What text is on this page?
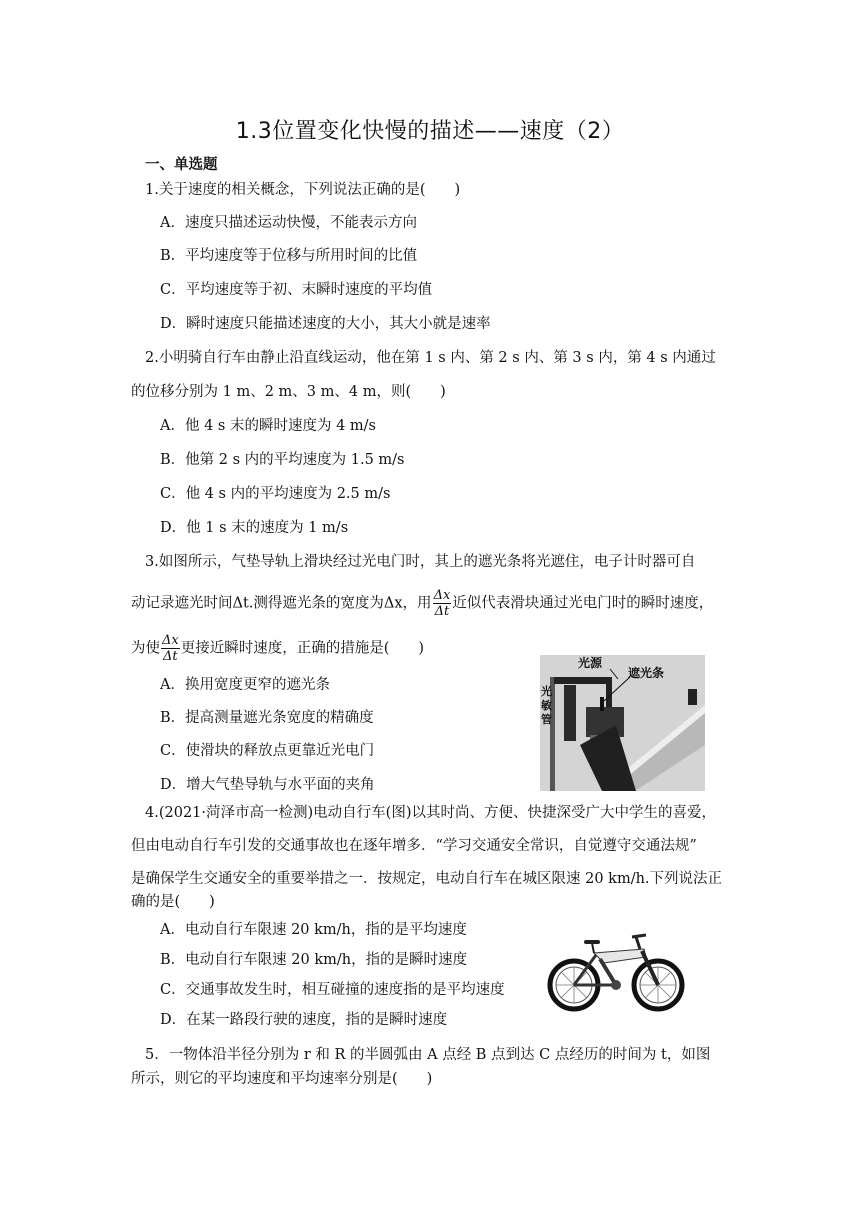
1.3位置变化快慢的描述——速度（2）
一、单选题
1.关于速度的相关概念，下列说法正确的是(　　)
A．速度只描述运动快慢，不能表示方向
B．平均速度等于位移与所用时间的比值
C．平均速度等于初、末瞬时速度的平均值
D．瞬时速度只能描述速度的大小，其大小就是速率
2.小明骑自行车由静止沿直线运动，他在第 1 s 内、第 2 s 内、第 3 s 内，第 4 s 内通过
的位移分别为 1 m、2 m、3 m、4 m，则(　　)
A．他 4 s 末的瞬时速度为 4 m/s
B．他第 2 s 内的平均速度为 1.5 m/s
C．他 4 s 内的平均速度为 2.5 m/s
D．他 1 s 末的速度为 1 m/s
3.如图所示，气垫导轨上滑块经过光电门时，其上的遮光条将光遮住，电子计时器可自
动记录遮光时间Δt.测得遮光条的宽度为Δx，用 $\frac{\Delta x}{\Delta t}$ 近似代表滑块通过光电门时的瞬时速度，
为使 $\frac{\Delta x}{\Delta t}$ 更接近瞬时速度，正确的措施是(　　)
A．换用宽度更窄的遮光条
B．提高测量遮光条宽度的精确度
C．使滑块的释放点更靠近光电门
D．增大气垫导轨与水平面的夹角
光源
遮光条
光敏管
4.(2021·菏泽市高一检测)电动自行车(图)以其时尚、方便、快捷深受广大中学生的喜爱，
但由电动自行车引发的交通事故也在逐年增多．“学习交通安全常识，自觉遵守交通法规”
是确保学生交通安全的重要举措之一．按规定，电动自行车在城区限速 20 km/h.下列说法正
确的是(　　)
A．电动自行车限速 20 km/h，指的是平均速度
B．电动自行车限速 20 km/h，指的是瞬时速度
C．交通事故发生时，相互碰撞的速度指的是平均速度
D．在某一路段行驶的速度，指的是瞬时速度
5．一物体沿半径分别为 r 和 R 的半圆弧由 A 点经 B 点到达 C 点经历的时间为 t，如图
所示，则它的平均速度和平均速率分别是(　　)
